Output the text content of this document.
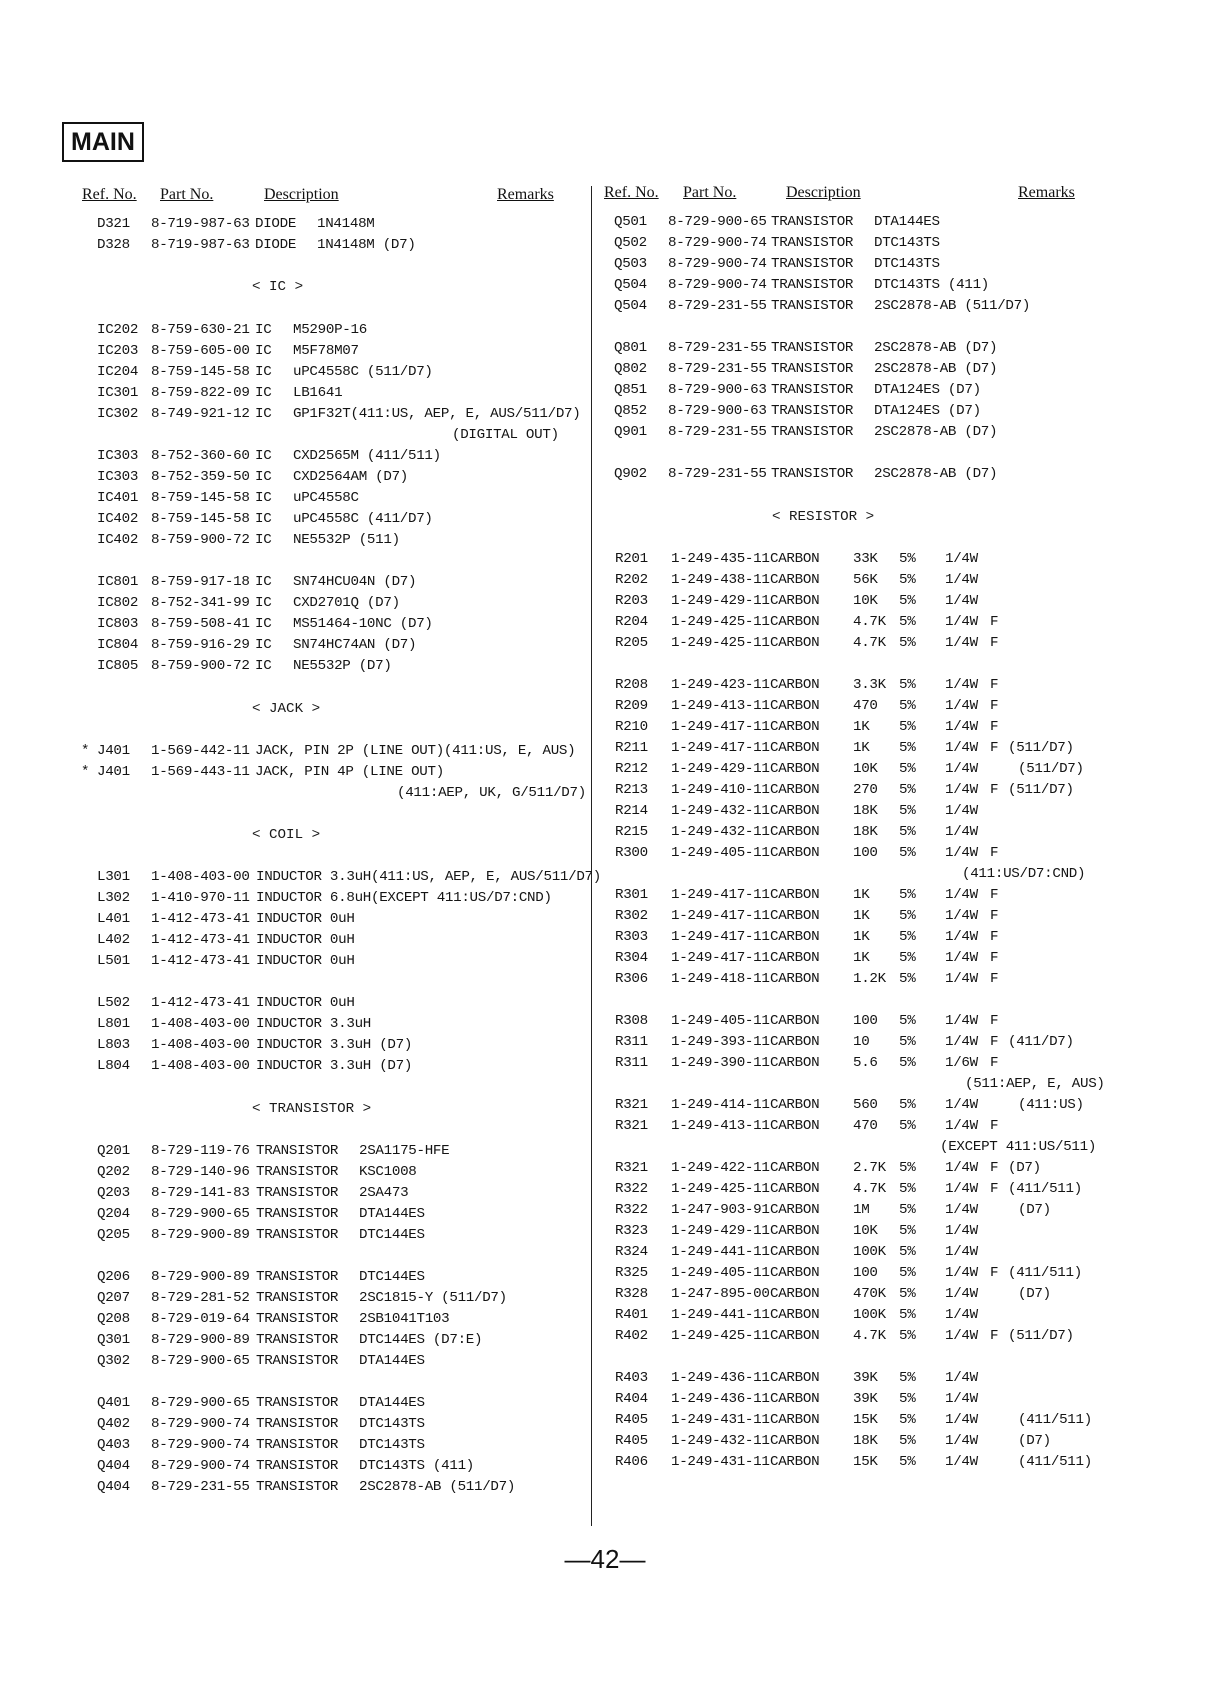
MAIN
Ref. No. Part No.	Description	Remarks	Ref. No. Part No.	Description	Remarks
D321 8-719-987-63 DIODE 1N4148M
D328 8-719-987-63 DIODE 1N4148M (D7)
< IC >
IC202 8-759-630-21 IC M5290P-16
IC203 8-759-605-00 IC M5F78M07
IC204 8-759-145-58 IC uPC4558C (511/D7)
IC301 8-759-822-09 IC LB1641
IC302 8-749-921-12 IC GP1F32T(411:US, AEP, E, AUS/511/D7)
(DIGITAL OUT)
IC303 8-752-360-60 IC CXD2565M (411/511)
IC303 8-752-359-50 IC CXD2564AM (D7)
IC401 8-759-145-58 IC uPC4558C
IC402 8-759-145-58 IC uPC4558C (411/D7)
IC402 8-759-900-72 IC NE5532P (511)
IC801 8-759-917-18 IC SN74HCU04N (D7)
IC802 8-752-341-99 IC CXD2701Q (D7)
IC803 8-759-508-41 IC MS51464-10NC (D7)
IC804 8-759-916-29 IC SN74HC74AN (D7)
IC805 8-759-900-72 IC NE5532P (D7)
< JACK >
* J401 1-569-442-11 JACK, PIN 2P (LINE OUT)(411:US, E, AUS)
* J401 1-569-443-11 JACK, PIN 4P (LINE OUT)
(411:AEP, UK, G/511/D7)
< COIL >
L301 1-408-403-00 INDUCTOR 3.3uH(411:US, AEP, E, AUS/511/D7)
L302 1-410-970-11 INDUCTOR 6.8uH(EXCEPT 411:US/D7:CND)
L401 1-412-473-41 INDUCTOR 0uH
L402 1-412-473-41 INDUCTOR 0uH
L501 1-412-473-41 INDUCTOR 0uH
L502 1-412-473-41 INDUCTOR 0uH
L801 1-408-403-00 INDUCTOR 3.3uH
L803 1-408-403-00 INDUCTOR 3.3uH (D7)
L804 1-408-403-00 INDUCTOR 3.3uH (D7)
< TRANSISTOR >
Q201 8-729-119-76 TRANSISTOR 2SA1175-HFE
Q202 8-729-140-96 TRANSISTOR KSC1008
Q203 8-729-141-83 TRANSISTOR 2SA473
Q204 8-729-900-65 TRANSISTOR DTA144ES
Q205 8-729-900-89 TRANSISTOR DTC144ES
Q206 8-729-900-89 TRANSISTOR DTC144ES
Q207 8-729-281-52 TRANSISTOR 2SC1815-Y (511/D7)
Q208 8-729-019-64 TRANSISTOR 2SB1041T103
Q301 8-729-900-89 TRANSISTOR DTC144ES (D7:E)
Q302 8-729-900-65 TRANSISTOR DTA144ES
Q401 8-729-900-65 TRANSISTOR DTA144ES
Q402 8-729-900-74 TRANSISTOR DTC143TS
Q403 8-729-900-74 TRANSISTOR DTC143TS
Q404 8-729-900-74 TRANSISTOR DTC143TS (411)
Q404 8-729-231-55 TRANSISTOR 2SC2878-AB (511/D7)
Q501 8-729-900-65 TRANSISTOR DTA144ES
Q502 8-729-900-74 TRANSISTOR DTC143TS
Q503 8-729-900-74 TRANSISTOR DTC143TS
Q504 8-729-900-74 TRANSISTOR DTC143TS (411)
Q504 8-729-231-55 TRANSISTOR 2SC2878-AB (511/D7)
Q801 8-729-231-55 TRANSISTOR 2SC2878-AB (D7)
Q802 8-729-231-55 TRANSISTOR 2SC2878-AB (D7)
Q851 8-729-900-63 TRANSISTOR DTA124ES (D7)
Q852 8-729-900-63 TRANSISTOR DTA124ES (D7)
Q901 8-729-231-55 TRANSISTOR 2SC2878-AB (D7)
Q902 8-729-231-55 TRANSISTOR 2SC2878-AB (D7)
< RESISTOR >
R201 1-249-435-11 CARBON 33K 5% 1/4W
R202 1-249-438-11 CARBON 56K 5% 1/4W
R203 1-249-429-11 CARBON 10K 5% 1/4W
R204 1-249-425-11 CARBON 4.7K 5% 1/4W F
R205 1-249-425-11 CARBON 4.7K 5% 1/4W F
R208 1-249-423-11 CARBON 3.3K 5% 1/4W F
R209 1-249-413-11 CARBON 470 5% 1/4W F
R210 1-249-417-11 CARBON 1K 5% 1/4W F
R211 1-249-417-11 CARBON 1K 5% 1/4W F (511/D7)
R212 1-249-429-11 CARBON 10K 5% 1/4W	(511/D7)
R213 1-249-410-11 CARBON 270 5% 1/4W F (511/D7)
R214 1-249-432-11 CARBON 18K 5% 1/4W
R215 1-249-432-11 CARBON 18K 5% 1/4W
R300 1-249-405-11 CARBON 100 5% 1/4W F
(411:US/D7:CND)
R301 1-249-417-11 CARBON 1K 5% 1/4W F
R302 1-249-417-11 CARBON 1K 5% 1/4W F
R303 1-249-417-11 CARBON 1K 5% 1/4W F
R304 1-249-417-11 CARBON 1K 5% 1/4W F
R306 1-249-418-11 CARBON 1.2K 5% 1/4W F
R308 1-249-405-11 CARBON 100 5% 1/4W F
R311 1-249-393-11 CARBON 10 5% 1/4W F (411/D7)
R311 1-249-390-11 CARBON 5.6 5% 1/6W F
(511:AEP, E, AUS)
R321 1-249-414-11 CARBON 560 5% 1/4W	(411:US)
R321 1-249-413-11 CARBON 470 5% 1/4W F
(EXCEPT 411:US/511)
R321 1-249-422-11 CARBON 2.7K 5% 1/4W F (D7)
R322 1-249-425-11 CARBON 4.7K 5% 1/4W F (411/511)
R322 1-247-903-91 CARBON 1M 5% 1/4W	(D7)
R323 1-249-429-11 CARBON 10K 5% 1/4W
R324 1-249-441-11 CARBON 100K 5% 1/4W
R325 1-249-405-11 CARBON 100 5% 1/4W F (411/511)
R328 1-247-895-00 CARBON 470K 5% 1/4W	(D7)
R401 1-249-441-11 CARBON 100K 5% 1/4W
R402 1-249-425-11 CARBON 4.7K 5% 1/4W F (511/D7)
R403 1-249-436-11 CARBON 39K 5% 1/4W
R404 1-249-436-11 CARBON 39K 5% 1/4W
R405 1-249-431-11 CARBON 15K 5% 1/4W	(411/511)
R405 1-249-432-11 CARBON 18K 5% 1/4W	(D7)
R406 1-249-431-11 CARBON 15K 5% 1/4W	(411/511)
—42—
